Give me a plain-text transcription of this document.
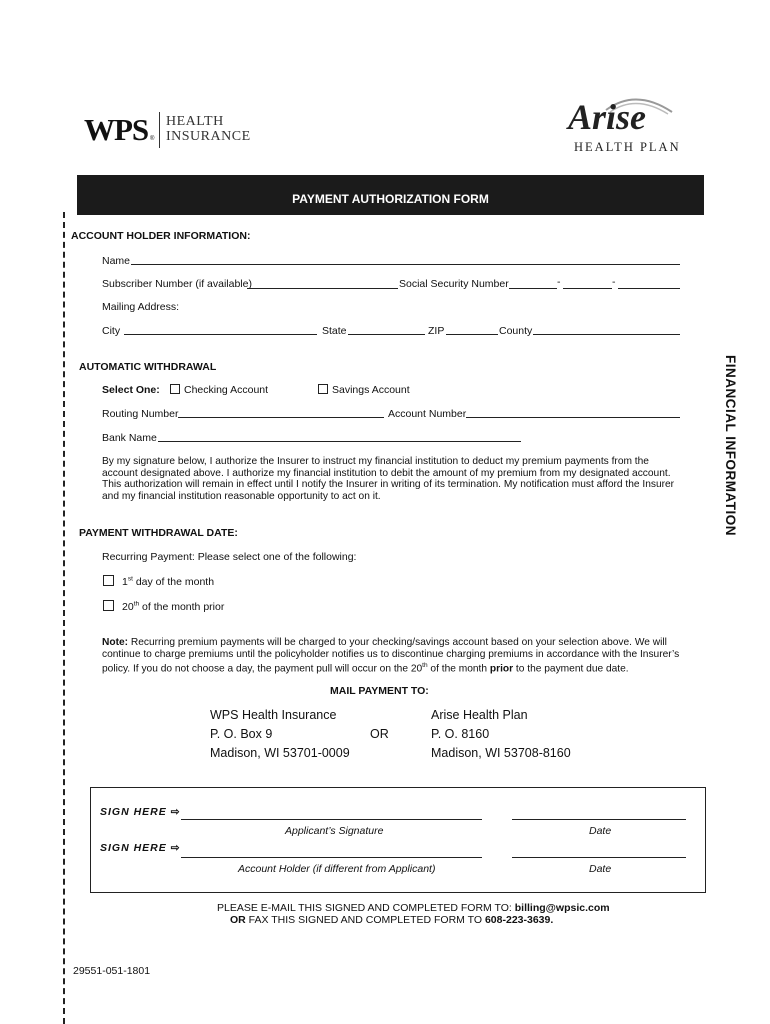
WPS ®
HEALTH
INSURANCE	Arise
HEALTH PLAN
PAYMENT AUTHORIZATION FORM
FINANCIAL INFORMATION
ACCOUNT HOLDER INFORMATION:
Name
Subscriber Number (if available)	Social Security Number	-	-
Mailing Address:
City	State	ZIP	County
AUTOMATIC WITHDRAWAL
Select One:	Checking Account	Savings Account
Routing Number	Account Number
Bank Name
By my signature below, I authorize the Insurer to instruct my financial institution to deduct my premium payments from the account designated above. I authorize my financial institution to debit the amount of my premium from my designated account. This authorization will remain in effect until I notify the Insurer in writing of its termination. My notification must afford the Insurer and my financial institution reasonable opportunity to act on it.
PAYMENT WITHDRAWAL DATE:
Recurring Payment: Please select one of the following:
1st day of the month
20th of the month prior
Note: Recurring premium payments will be charged to your checking/savings account based on your selection above. We will continue to charge premiums until the policyholder notifies us to discontinue charging premiums in accordance with the Insurer’s policy. If you do not choose a day, the payment pull will occur on the 20th of the month prior to the payment due date.
MAIL PAYMENT TO:
WPS Health Insurance
P. O. Box 9
Madison, WI 53701-0009
OR
Arise Health Plan
P. O. 8160
Madison, WI 53708-8160
SIGN HERE ⇨
Applicant’s Signature	Date
SIGN HERE ⇨
Account Holder (if different from Applicant)	Date
PLEASE E-MAIL THIS SIGNED AND COMPLETED FORM TO: billing@wpsic.com
OR FAX THIS SIGNED AND COMPLETED FORM TO 608-223-3639.
29551-051-1801
